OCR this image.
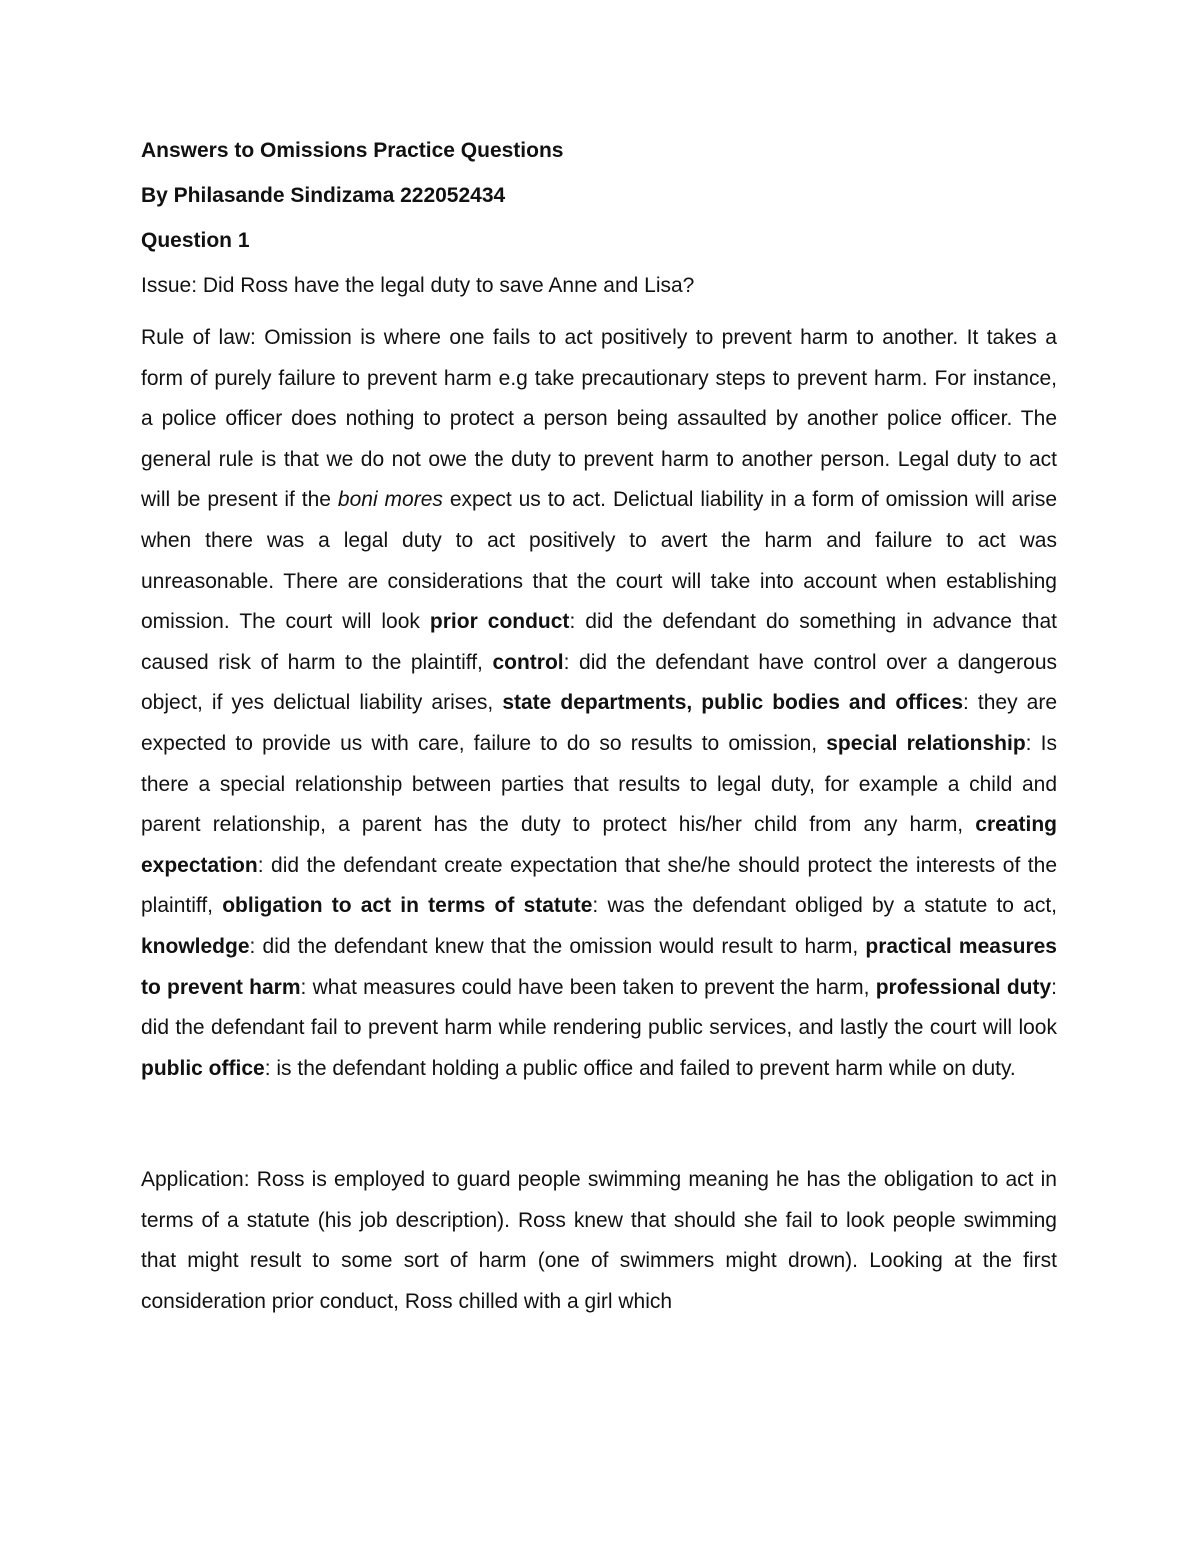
Answers to Omissions Practice Questions
By Philasande Sindizama 222052434
Question 1
Issue: Did Ross have the legal duty to save Anne and Lisa?

Rule of law: Omission is where one fails to act positively to prevent harm to another. It takes a form of purely failure to prevent harm e.g take precautionary steps to prevent harm. For instance, a police officer does nothing to protect a person being assaulted by another police officer. The general rule is that we do not owe the duty to prevent harm to another person. Legal duty to act will be present if the boni mores expect us to act. Delictual liability in a form of omission will arise when there was a legal duty to act positively to avert the harm and failure to act was unreasonable. There are considerations that the court will take into account when establishing omission. The court will look prior conduct: did the defendant do something in advance that caused risk of harm to the plaintiff, control: did the defendant have control over a dangerous object, if yes delictual liability arises, state departments, public bodies and offices: they are expected to provide us with care, failure to do so results to omission, special relationship: Is there a special relationship between parties that results to legal duty, for example a child and parent relationship, a parent has the duty to protect his/her child from any harm, creating expectation: did the defendant create expectation that she/he should protect the interests of the plaintiff, obligation to act in terms of statute: was the defendant obliged by a statute to act, knowledge: did the defendant knew that the omission would result to harm, practical measures to prevent harm: what measures could have been taken to prevent the harm, professional duty: did the defendant fail to prevent harm while rendering public services, and lastly the court will look public office: is the defendant holding a public office and failed to prevent harm while on duty.

Application: Ross is employed to guard people swimming meaning he has the obligation to act in terms of a statute (his job description). Ross knew that should she fail to look people swimming that might result to some sort of harm (one of swimmers might drown). Looking at the first consideration prior conduct, Ross chilled with a girl which
